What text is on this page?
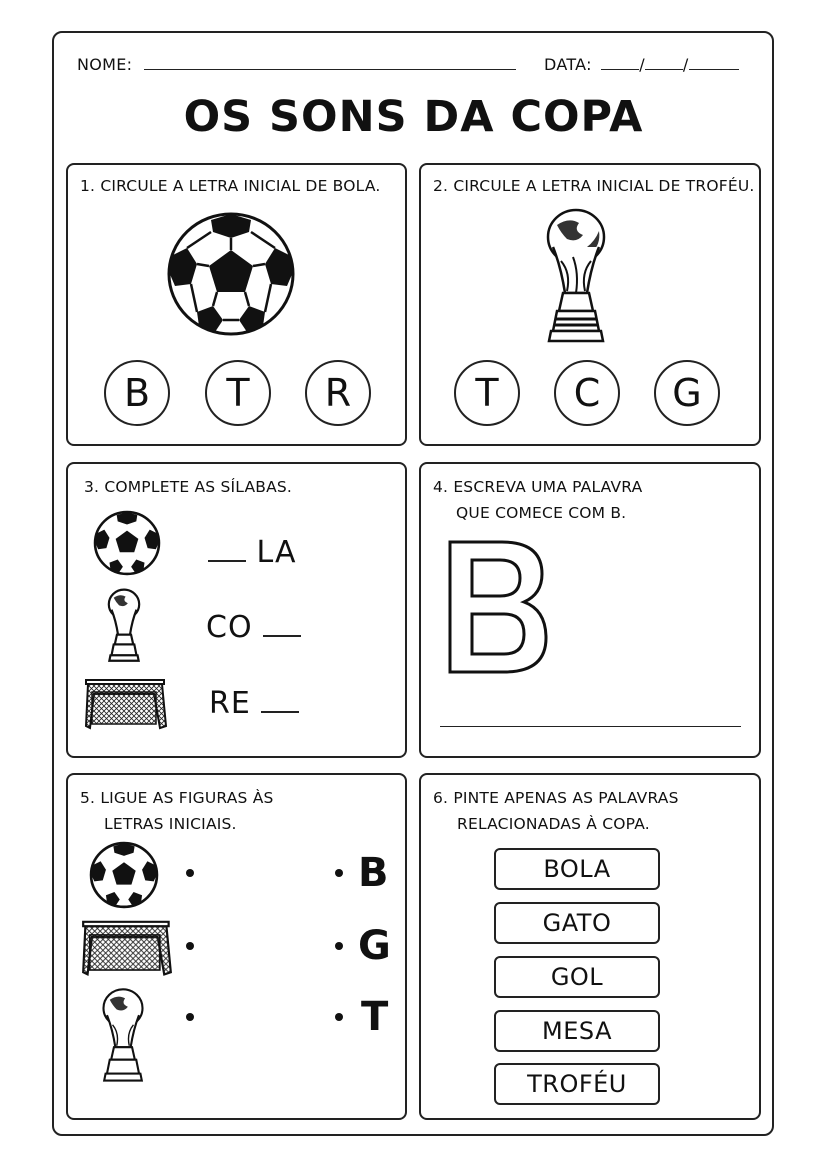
NOME:	DATA:	/ /
OS SONS DA COPA
1. CIRCULE A LETRA INICIAL DE BOLA.
B	T	R
2. CIRCULE A LETRA INICIAL DE TROFÉU.
T	C	G
3. COMPLETE AS SÍLABAS.
LA
CO
RE
4. ESCREVA UMA PALAVRA
QUE COMECE COM B.
5. LIGUE AS FIGURAS ÀS
LETRAS INICIAIS.
B
G
T
6. PINTE APENAS AS PALAVRAS
RELACIONADAS À COPA.
BOLA
GATO
GOL
MESA
TROFÉU
